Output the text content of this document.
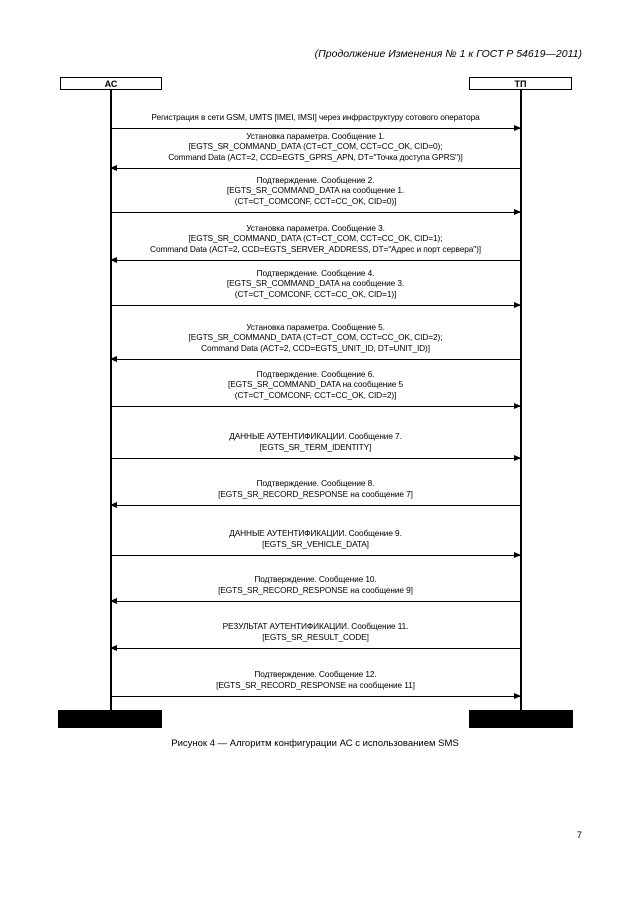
(Продолжение Изменения № 1 к ГОСТ Р 54619—2011)
АС	ТП
Регистрация в сети GSM, UMTS [IMEI, IMSI] через инфраструктуру сотового оператора
Установка параметра. Сообщение 1.
[EGTS_SR_COMMAND_DATA (CT=CT_COM, CCT=CC_OK, CID=0);
Command Data (ACT=2, CCD=EGTS_GPRS_APN, DT="Точка доступа GPRS")]
Подтверждение. Сообщение 2.
[EGTS_SR_COMMAND_DATA на сообщение 1.
(CT=CT_COMCONF, CCT=CC_OK, CID=0)]
Установка параметра. Сообщение 3.
[EGTS_SR_COMMAND_DATA (CT=CT_COM, CCT=CC_OK, CID=1);
Command Data (ACT=2, CCD=EGTS_SERVER_ADDRESS, DT="Адрес и порт сервера")]
Подтверждение. Сообщение 4.
[EGTS_SR_COMMAND_DATA на сообщение 3.
(CT=CT_COMCONF, CCT=CC_OK, CID=1)]
Установка параметра. Сообщение 5.
[EGTS_SR_COMMAND_DATA (CT=CT_COM, CCT=CC_OK, CID=2);
Command Data (ACT=2, CCD=EGTS_UNIT_ID, DT=UNIT_ID)]
Подтверждение. Сообщение 6.
[EGTS_SR_COMMAND_DATA на сообщение 5
(CT=CT_COMCONF, CCT=CC_OK, CID=2)]
ДАННЫЕ АУТЕНТИФИКАЦИИ. Сообщение 7.
[EGTS_SR_TERM_IDENTITY]
Подтверждение. Сообщение 8.
[EGTS_SR_RECORD_RESPONSE на сообщение 7]
ДАННЫЕ АУТЕНТИФИКАЦИИ. Сообщение 9.
[EGTS_SR_VEHICLE_DATA]
Подтверждение. Сообщение 10.
[EGTS_SR_RECORD_RESPONSE на сообщение 9]
РЕЗУЛЬТАТ АУТЕНТИФИКАЦИИ. Сообщение 11.
[EGTS_SR_RESULT_CODE]
Подтверждение. Сообщение 12.
[EGTS_SR_RECORD_RESPONSE на сообщение 11]
Рисунок 4 — Алгоритм конфигурации АС с использованием SMS
7
